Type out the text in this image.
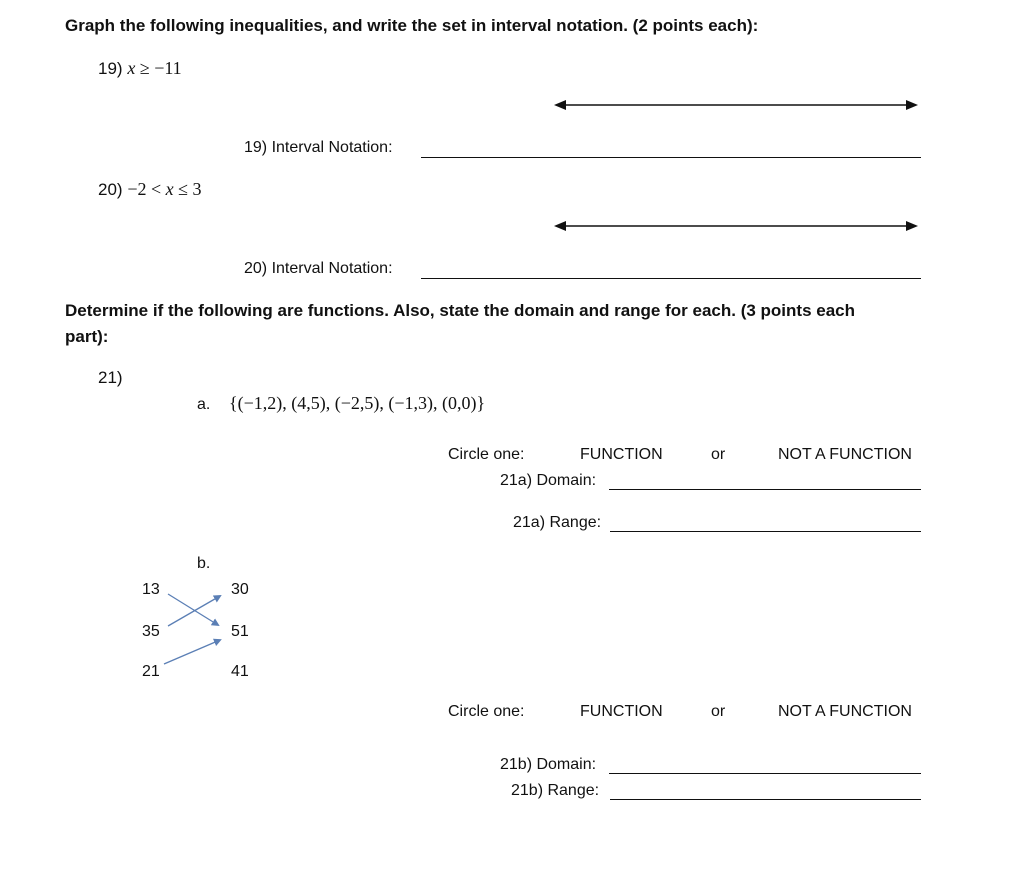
Graph the following inequalities, and write the set in interval notation. (2 points each):
19) x ≥ −11
19) Interval Notation:
20) −2 < x ≤ 3
20) Interval Notation:
Determine if the following are functions. Also, state the domain and range for each. (3 points each
part):
21)
a. {(−1,2), (4,5), (−2,5), (−1,3), (0,0)}
Circle one:	FUNCTION	or	NOT A FUNCTION
21a) Domain:
21a) Range:
b.
13
35
21
30
51
41
Circle one:	FUNCTION	or	NOT A FUNCTION
21b) Domain:
21b) Range:
